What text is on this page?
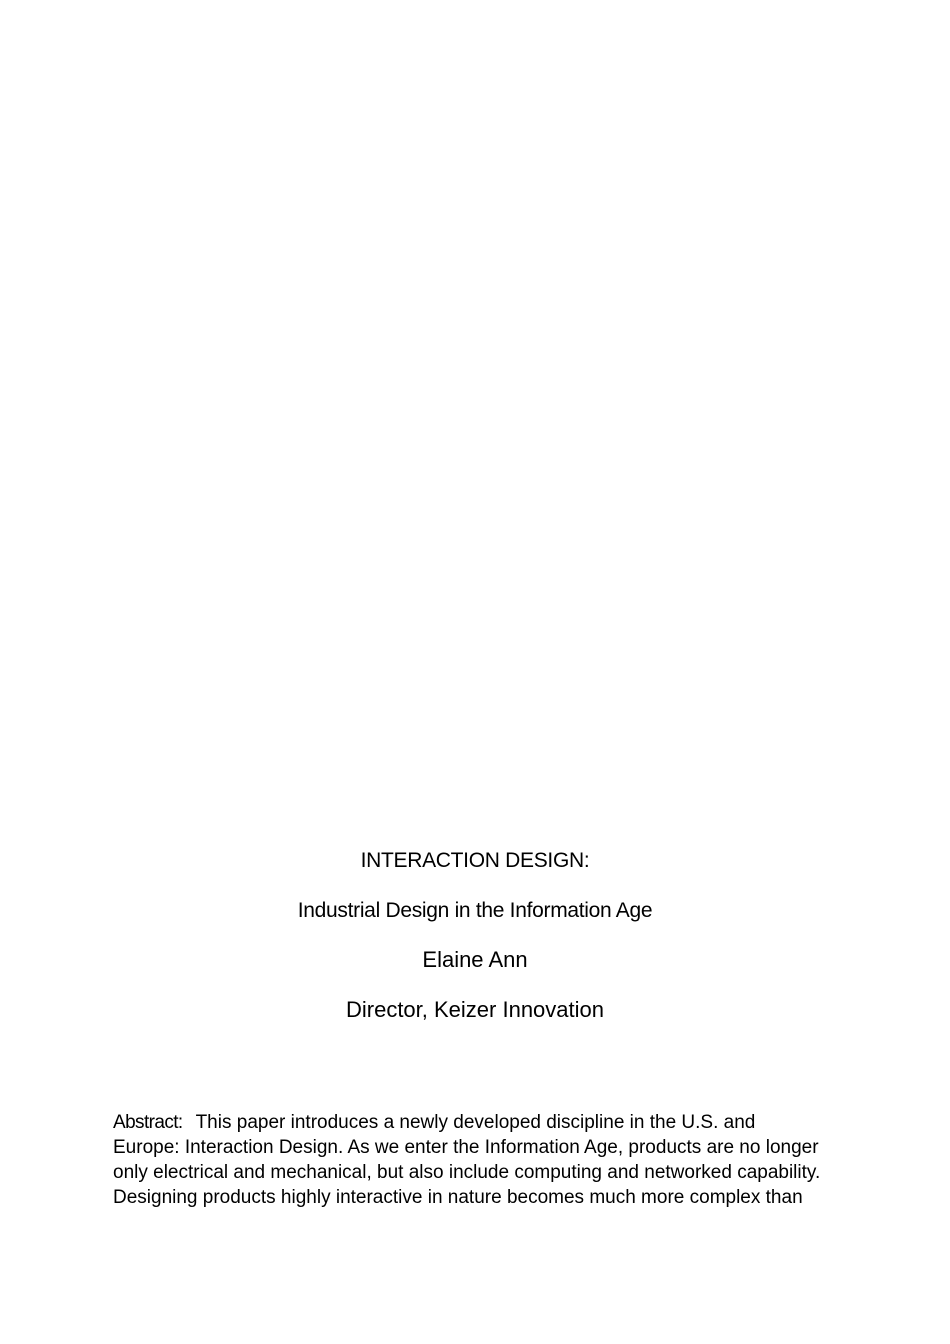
INTERACTION DESIGN:
Industrial Design in the Information Age
Elaine Ann
Director, Keizer Innovation
Abstract: This paper introduces a newly developed discipline in the U.S. and
Europe: Interaction Design. As we enter the Information Age, products are no longer
only electrical and mechanical, but also include computing and networked capability.
Designing products highly interactive in nature becomes much more complex than
